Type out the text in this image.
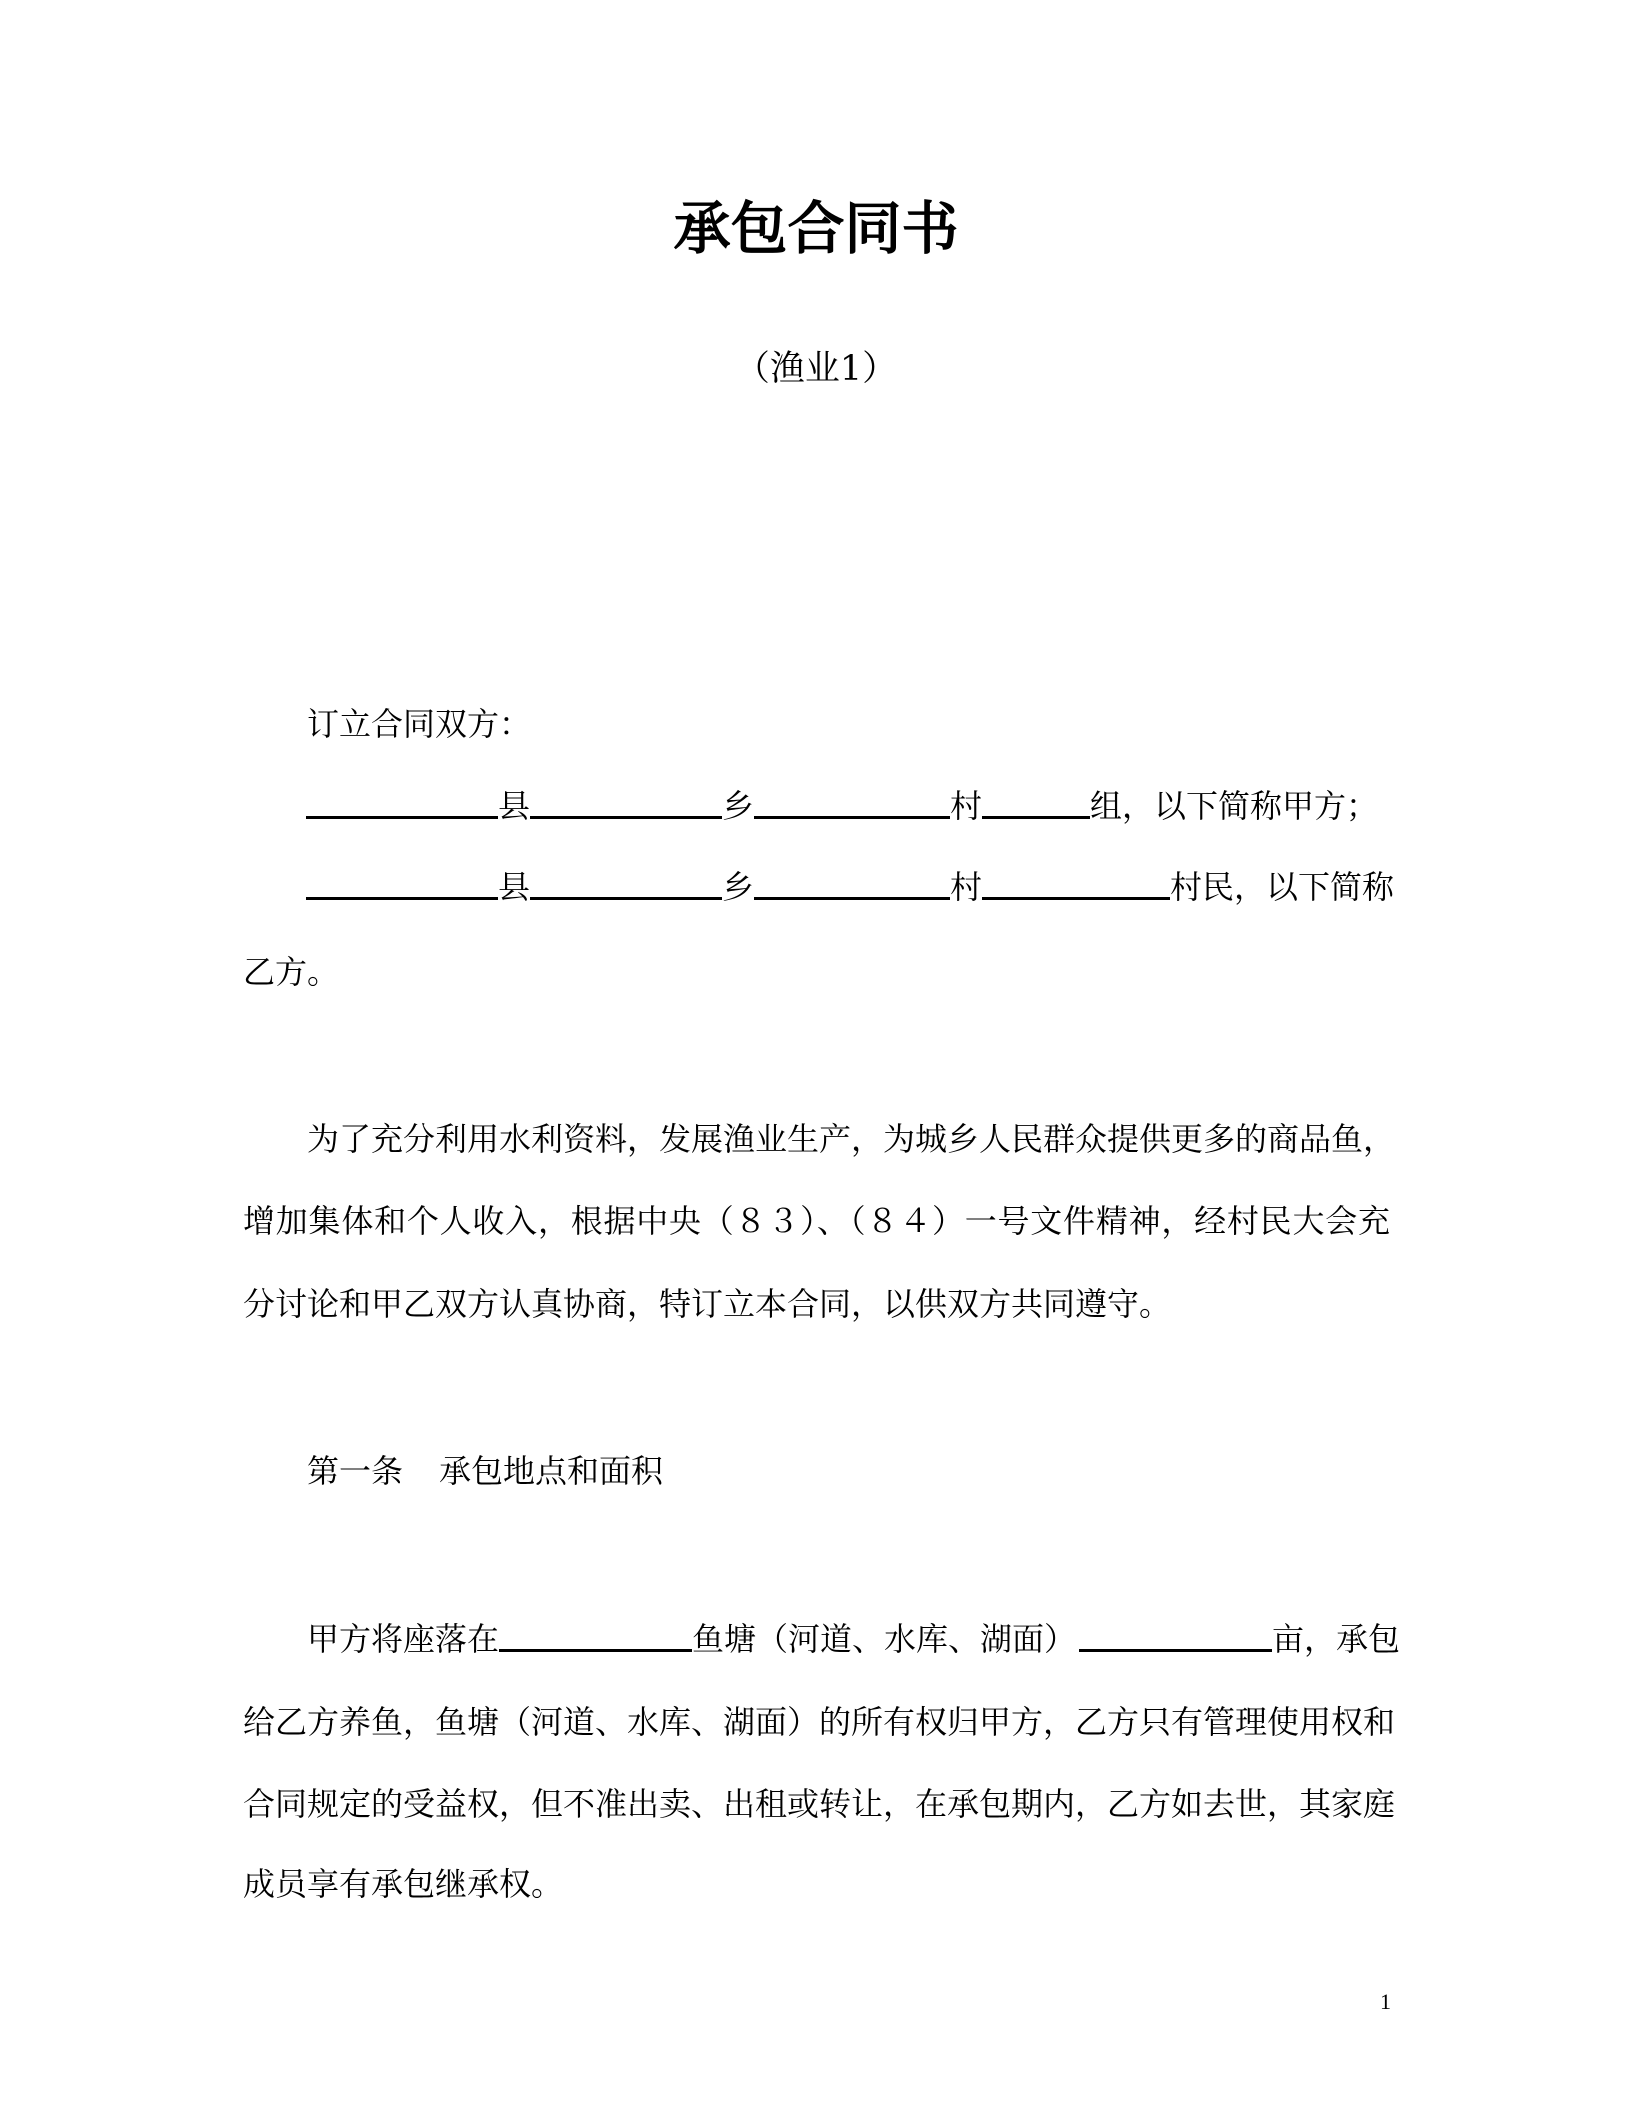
承包合同书
（渔业1）
订立合同双方：
县	乡	村	组，以下简称甲方；
县	乡	村	村民，以下简称
乙方。
为了充分利用水利资料，发展渔业生产，为城乡人民群众提供更多的商品鱼，
增加集体和个人收入，根据中央（８３）、（８４）一号文件精神，经村民大会充
分讨论和甲乙双方认真协商，特订立本合同，以供双方共同遵守。
第一条 承包地点和面积
甲方将座落在	鱼塘（河道、水库、湖面）	亩，承包
给乙方养鱼，鱼塘（河道、水库、湖面）的所有权归甲方，乙方只有管理使用权和
合同规定的受益权，但不准出卖、出租或转让，在承包期内，乙方如去世，其家庭
成员享有承包继承权。
1
